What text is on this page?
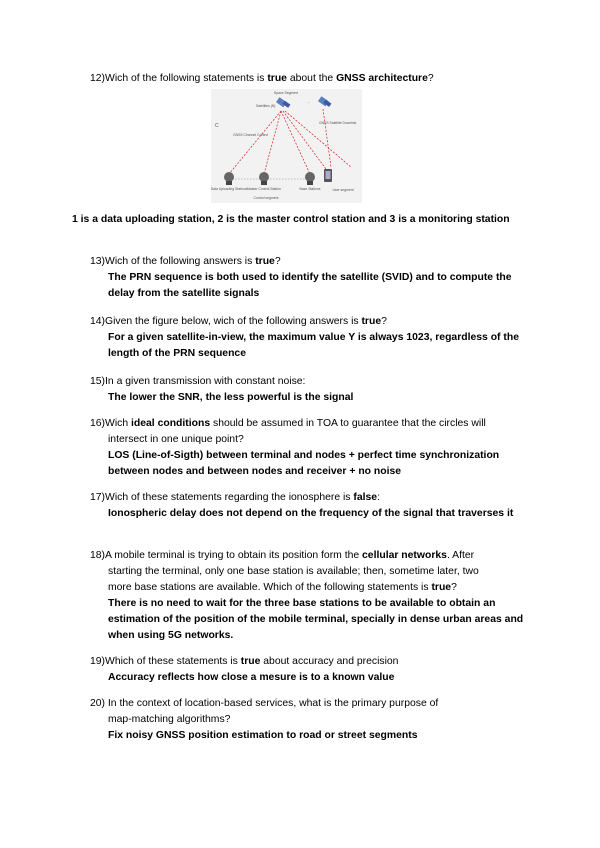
12)Wich of the following statements is true about the GNSS architecture?
Space Segment
Satellites (N)
…
GNSS Satellite Downlink
C
GNSS Channel Control
Data Uploading Stations Master Control Station	Base Stations
Control segment
User segment
1 is a data uploading station, 2 is the master control station and 3 is a monitoring station
13)Wich of the following answers is true?
The PRN sequence is both used to identify the satellite (SVID) and to compute the delay from the satellite signals
14)Given the figure below, wich of the following answers is true?
For a given satellite-in-view, the maximum value Y is always 1023, regardless of the length of the PRN sequence
15)In a given transmission with constant noise:
The lower the SNR, the less powerful is the signal
16)Wich ideal conditions should be assumed in TOA to guarantee that the circles will
intersect in one unique point?
LOS (Line-of-Sigth) between terminal and nodes + perfect time synchronization between nodes and between nodes and receiver + no noise
17)Wich of these statements regarding the ionosphere is false:
Ionospheric delay does not depend on the frequency of the signal that traverses it
18)A mobile terminal is trying to obtain its position form the cellular networks. After
starting the terminal, only one base station is available; then, sometime later, two
more base stations are available. Which of the following statements is true?
There is no need to wait for the three base stations to be available to obtain an estimation of the position of the mobile terminal, specially in dense urban areas and when using 5G networks.
19)Which of these statements is true about accuracy and precision
Accuracy reflects how close a mesure is to a known value
20) In the context of location-based services, what is the primary purpose of
map-matching algorithms?
Fix noisy GNSS position estimation to road or street segments
